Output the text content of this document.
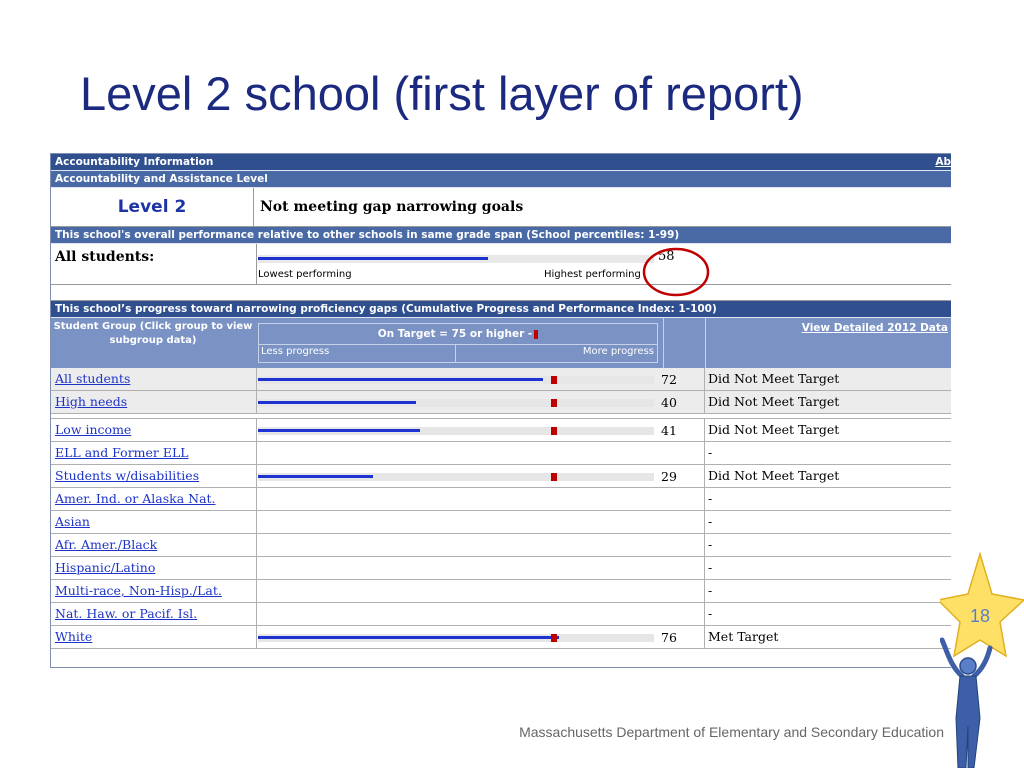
Level 2 school (first layer of report)
Accountability Information	Ab
Accountability and Assistance Level
Level 2	Not meeting gap narrowing goals
This school's overall performance relative to other schools in same grade span (School percentiles: 1-99)
All students:	58
Lowest performing	Highest performing
This school’s progress toward narrowing proficiency gaps (Cumulative Progress and Performance Index: 1-100)
Student Group (Click group to view subgroup data)
On Target = 75 or higher -
Less progress	More progress
View Detailed 2012 Data
All students	72 Did Not Meet Target
High needs	40 Did Not Meet Target
Low income	41 Did Not Meet Target
ELL and Former ELL	-
Students w/disabilities	29 Did Not Meet Target
Amer. Ind. or Alaska Nat.	-
Asian	-
Afr. Amer./Black	-
Hispanic/Latino	-
Multi-race, Non-Hisp./Lat.	-
Nat. Haw. or Pacif. Isl.	-
White	76 Met Target
Massachusetts Department of Elementary and Secondary Education
18
